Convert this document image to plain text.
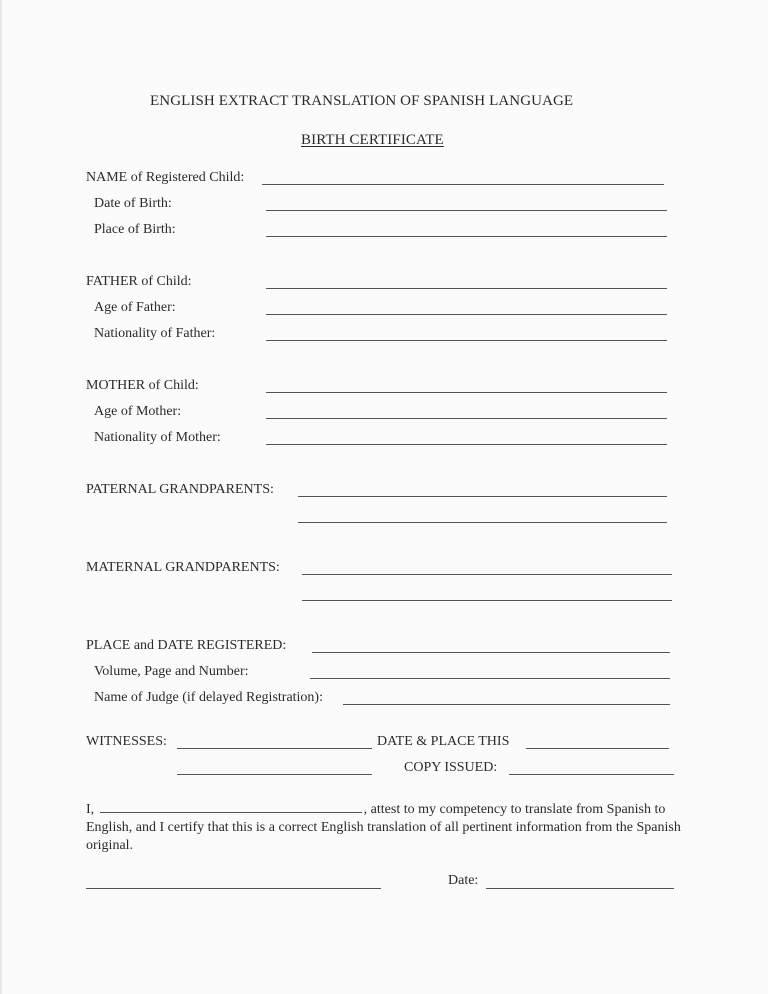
ENGLISH EXTRACT TRANSLATION OF SPANISH LANGUAGE
BIRTH CERTIFICATE
NAME of Registered Child:
Date of Birth:
Place of Birth:
FATHER of Child:
Age of Father:
Nationality of Father:
MOTHER of Child:
Age of Mother:
Nationality of Mother:
PATERNAL GRANDPARENTS:
MATERNAL GRANDPARENTS:
PLACE and DATE REGISTERED:
Volume, Page and Number:
Name of Judge (if delayed Registration):
WITNESSES:	DATE & PLACE THIS
COPY ISSUED:
I,	, attest to my competency to translate from Spanish to English, and I certify that this is a correct English translation of all pertinent information from the Spanish original.
Date:
